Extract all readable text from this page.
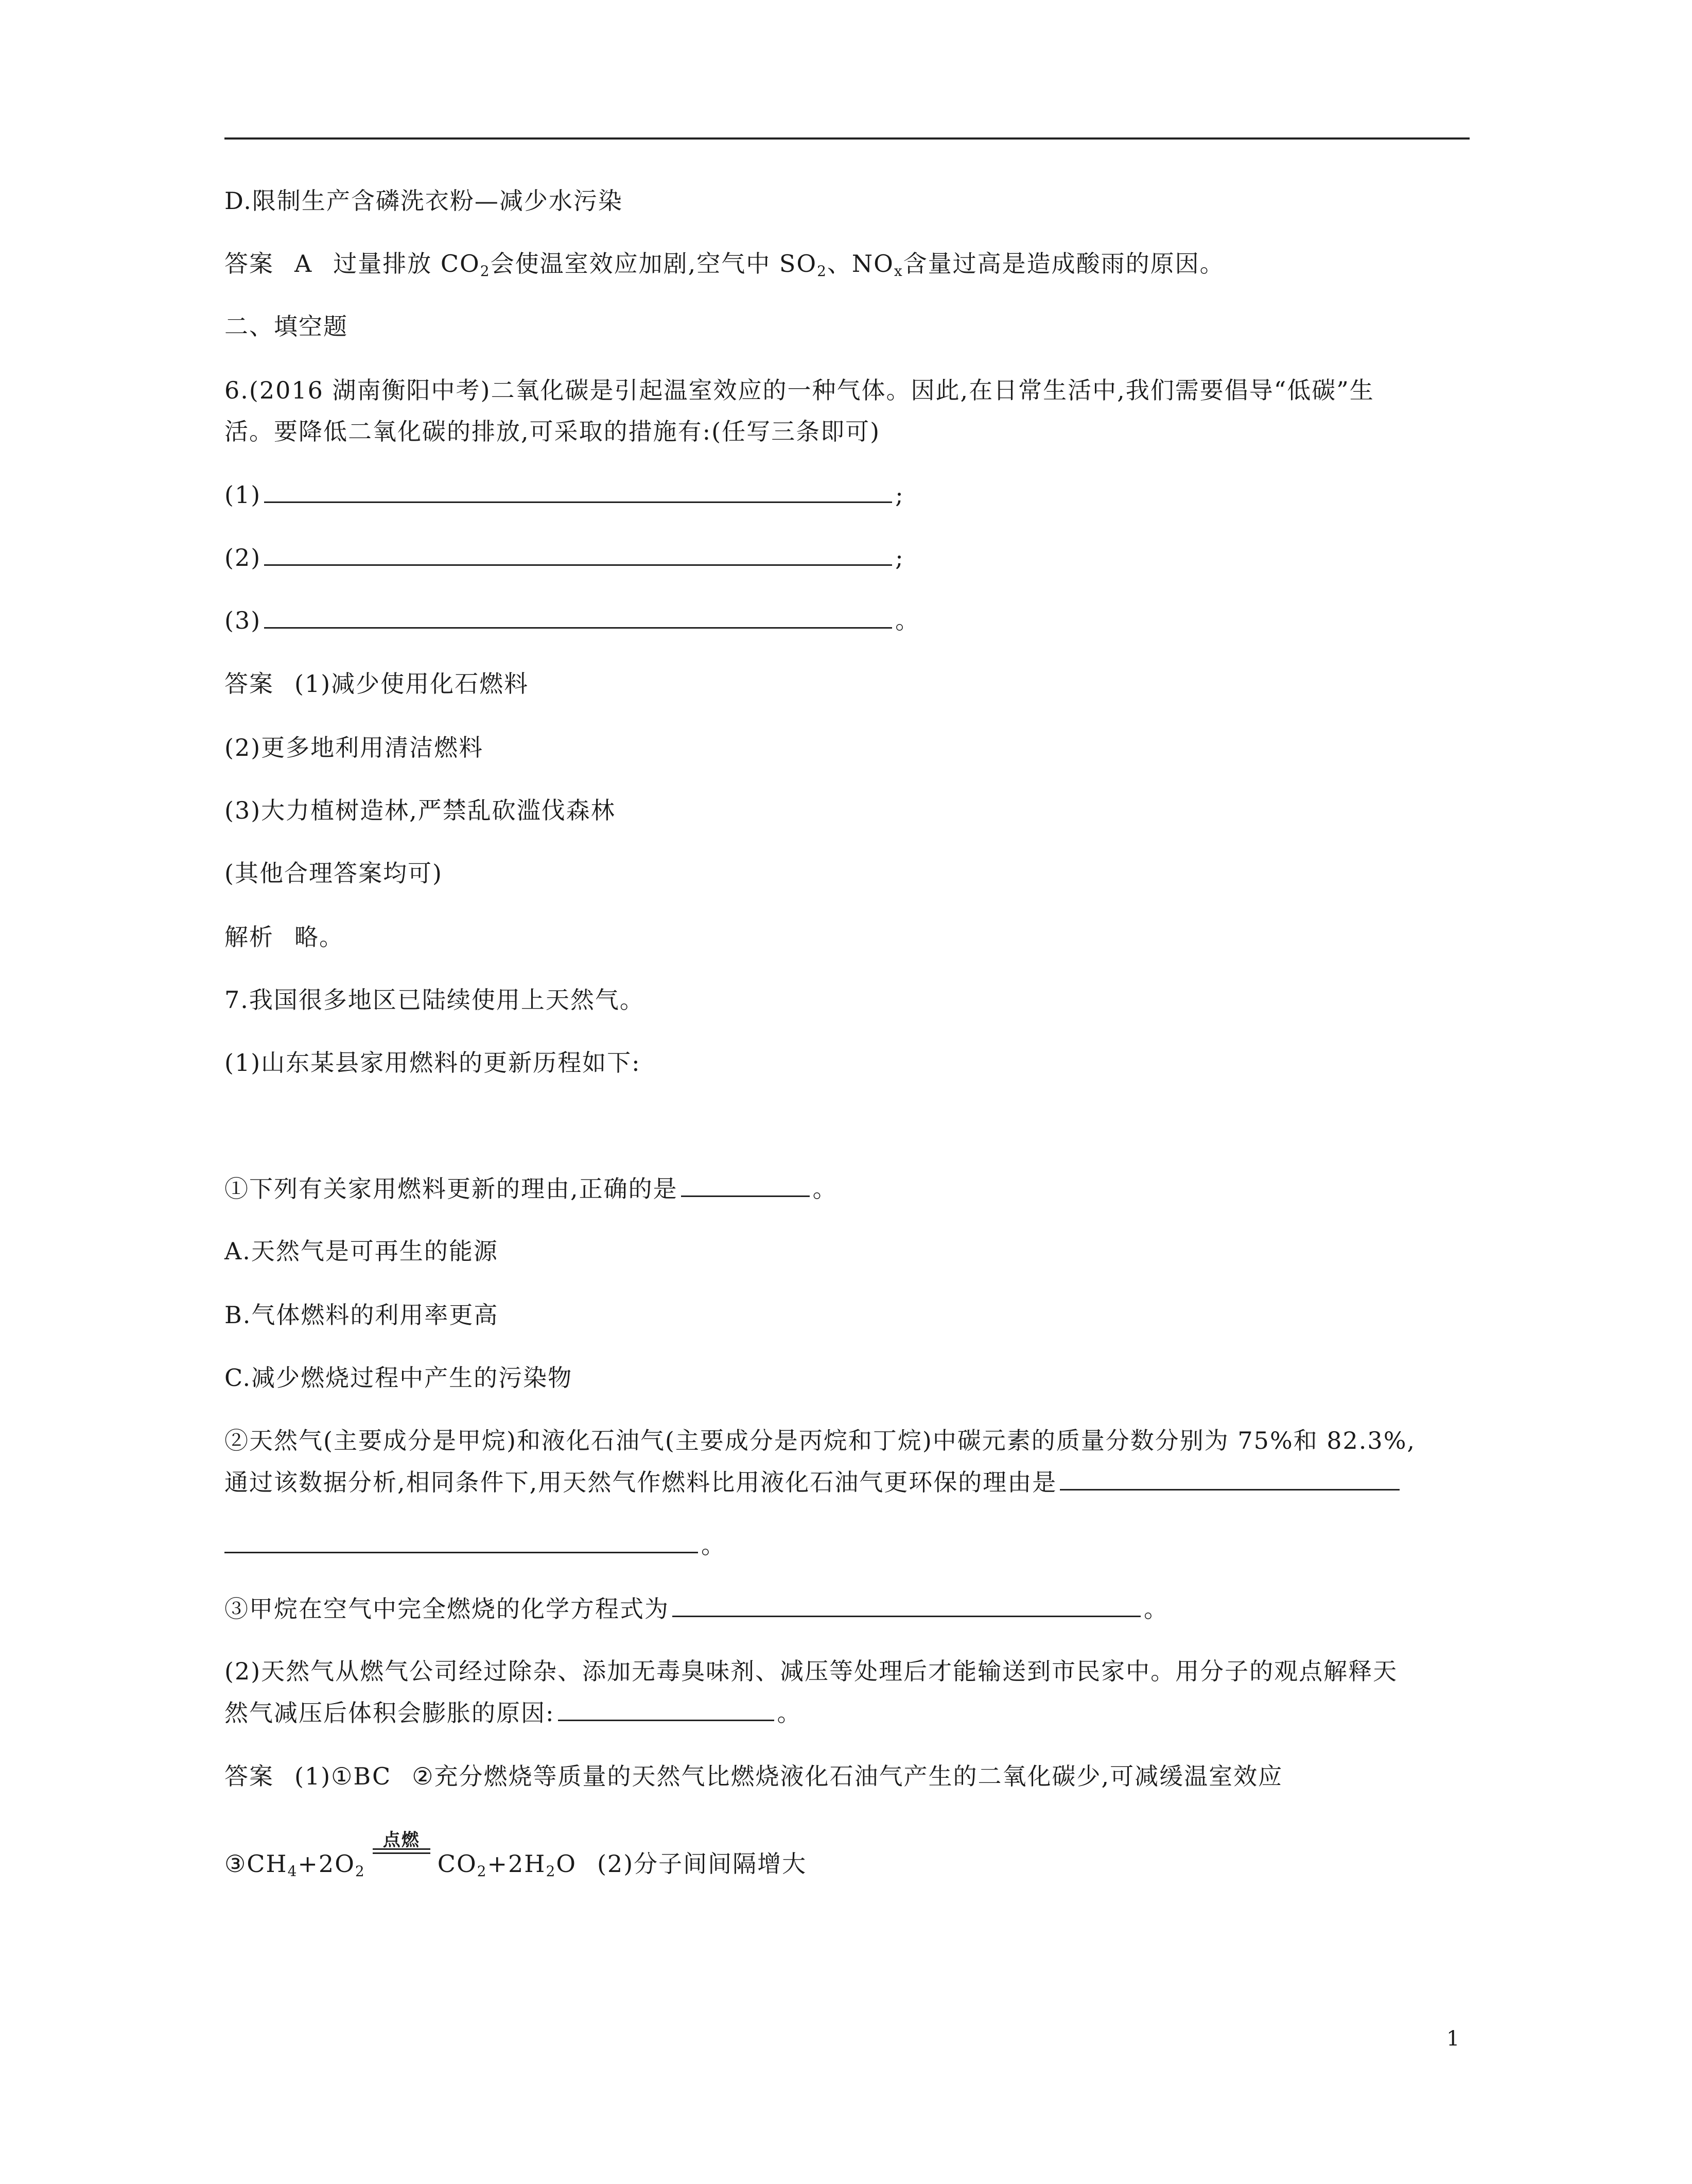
D.限制生产含磷洗衣粉—减少水污染
答案 A 过量排放 $CO_2$会使温室效应加剧,空气中 $SO_2$、$NO_x$含量过高是造成酸雨的原因。
二、填空题
6.(2016 湖南衡阳中考)二氧化碳是引起温室效应的一种气体。因此,在日常生活中,我们需要倡导“低碳”生
活。要降低二氧化碳的排放,可采取的措施有:(任写三条即可)
(1)	;
(2)	;
(3)	。
答案 (1)减少使用化石燃料
(2)更多地利用清洁燃料
(3)大力植树造林,严禁乱砍滥伐森林
(其他合理答案均可)
解析 略。
7.我国很多地区已陆续使用上天然气。
(1)山东某县家用燃料的更新历程如下:
①下列有关家用燃料更新的理由,正确的是	。
A.天然气是可再生的能源
B.气体燃料的利用率更高
C.减少燃烧过程中产生的污染物
②天然气(主要成分是甲烷)和液化石油气(主要成分是丙烷和丁烷)中碳元素的质量分数分别为 75%和 82.3%,
通过该数据分析,相同条件下,用天然气作燃料比用液化石油气更环保的理由是
。
③甲烷在空气中完全燃烧的化学方程式为	。
(2)天然气从燃气公司经过除杂、添加无毒臭味剂、减压等处理后才能输送到市民家中。用分子的观点解释天
然气减压后体积会膨胀的原因:	。
答案 (1)①BC ②充分燃烧等质量的天然气比燃烧液化石油气产生的二氧化碳少,可减缓温室效应
$③CH_4+2O_2$
点燃
$CO_2+2H_2O$ (2)分子间间隔增大
1
